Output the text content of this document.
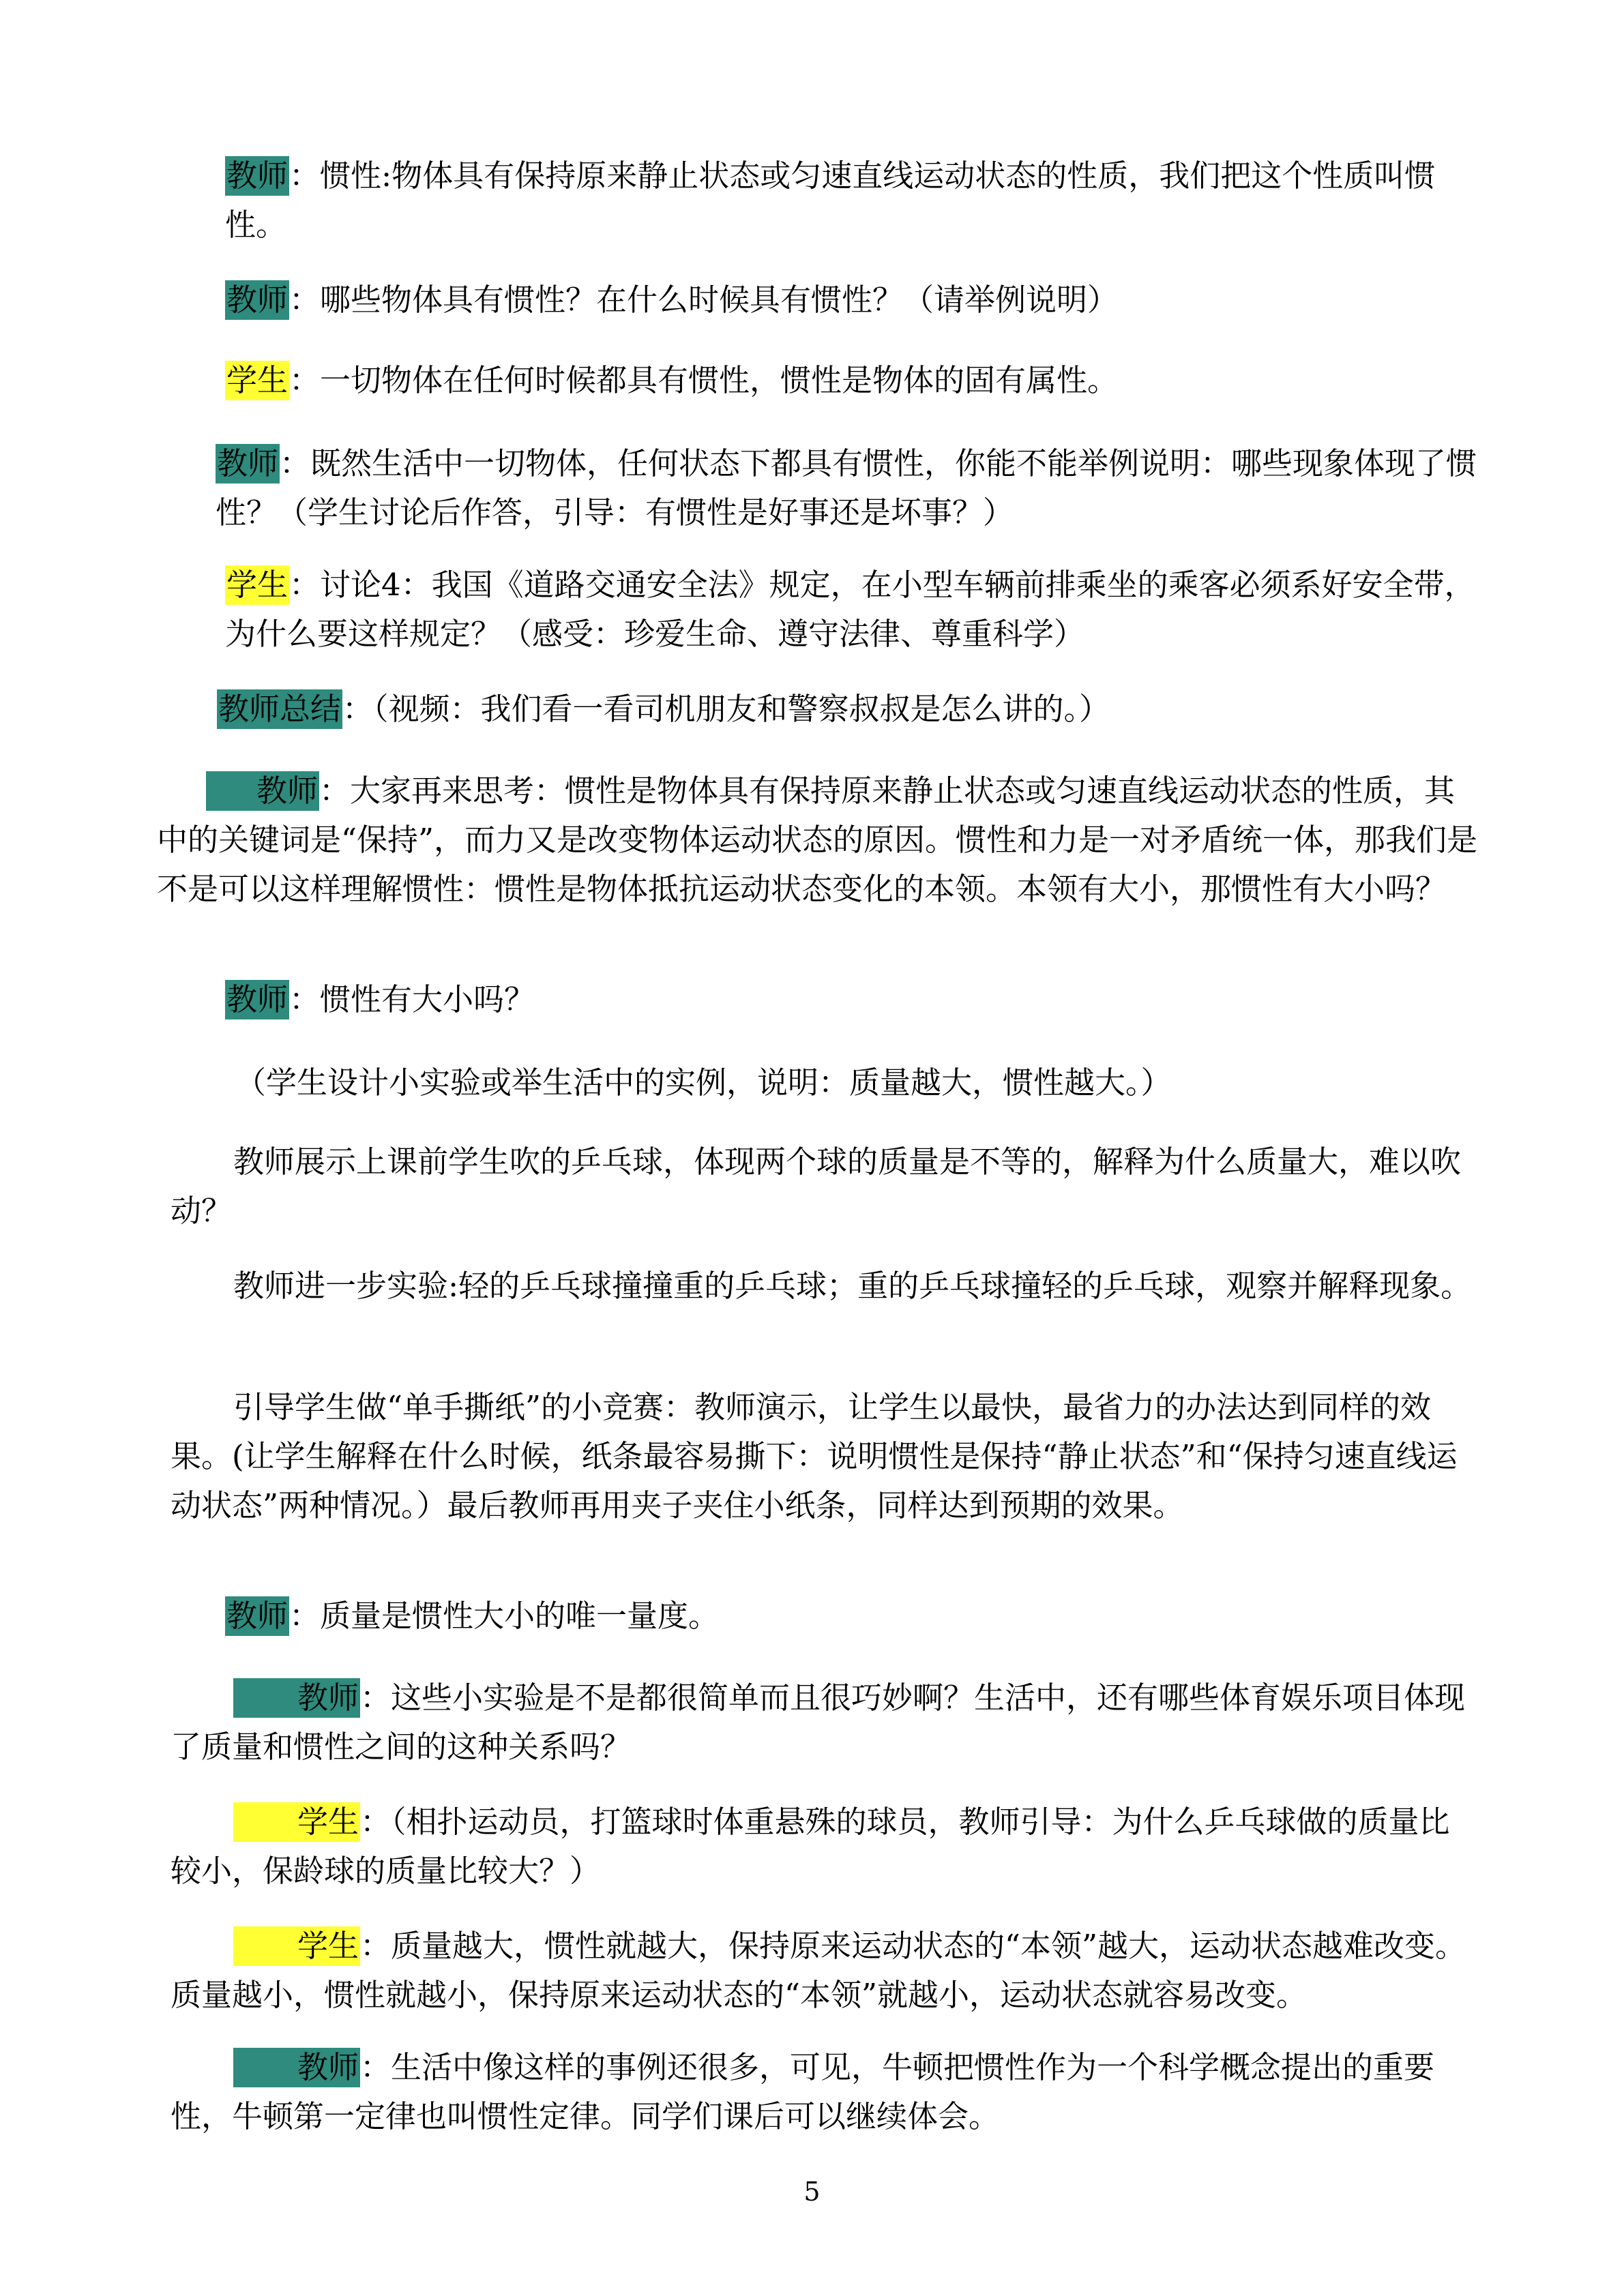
教师：惯性:物体具有保持原来静止状态或匀速直线运动状态的性质，我们把这个性质叫惯性。

教师：哪些物体具有惯性？在什么时候具有惯性？（请举例说明）

学生：一切物体在任何时候都具有惯性，惯性是物体的固有属性。

教师：既然生活中一切物体，任何状态下都具有惯性，你能不能举例说明：哪些现象体现了惯性？（学生讨论后作答，引导：有惯性是好事还是坏事？）

学生：讨论4：我国《道路交通安全法》规定，在小型车辆前排乘坐的乘客必须系好安全带，为什么要这样规定？（感受：珍爱生命、遵守法律、尊重科学）

教师总结：（视频：我们看一看司机朋友和警察叔叔是怎么讲的。）

教师：大家再来思考：惯性是物体具有保持原来静止状态或匀速直线运动状态的性质，其中的关键词是“保持”，而力又是改变物体运动状态的原因。惯性和力是一对矛盾统一体，那我们是不是可以这样理解惯性：惯性是物体抵抗运动状态变化的本领。本领有大小，那惯性有大小吗？

教师：惯性有大小吗？

（学生设计小实验或举生活中的实例，说明：质量越大，惯性越大。）

教师展示上课前学生吹的乒乓球，体现两个球的质量是不等的，解释为什么质量大，难以吹动？

教师进一步实验:轻的乒乓球撞撞重的乒乓球；重的乒乓球撞轻的乒乓球，观察并解释现象。

引导学生做“单手撕纸”的小竞赛：教师演示，让学生以最快，最省力的办法达到同样的效果。(让学生解释在什么时候，纸条最容易撕下：说明惯性是保持“静止状态”和“保持匀速直线运动状态”两种情况。）最后教师再用夹子夹住小纸条，同样达到预期的效果。

教师：质量是惯性大小的唯一量度。

教师：这些小实验是不是都很简单而且很巧妙啊？生活中，还有哪些体育娱乐项目体现了质量和惯性之间的这种关系吗？

学生：（相扑运动员，打篮球时体重悬殊的球员，教师引导：为什么乒乓球做的质量比较小，保龄球的质量比较大？）

学生：质量越大，惯性就越大，保持原来运动状态的“本领”越大，运动状态越难改变。质量越小，惯性就越小，保持原来运动状态的“本领”就越小，运动状态就容易改变。

教师：生活中像这样的事例还很多，可见，牛顿把惯性作为一个科学概念提出的重要性，牛顿第一定律也叫惯性定律。同学们课后可以继续体会。

5
